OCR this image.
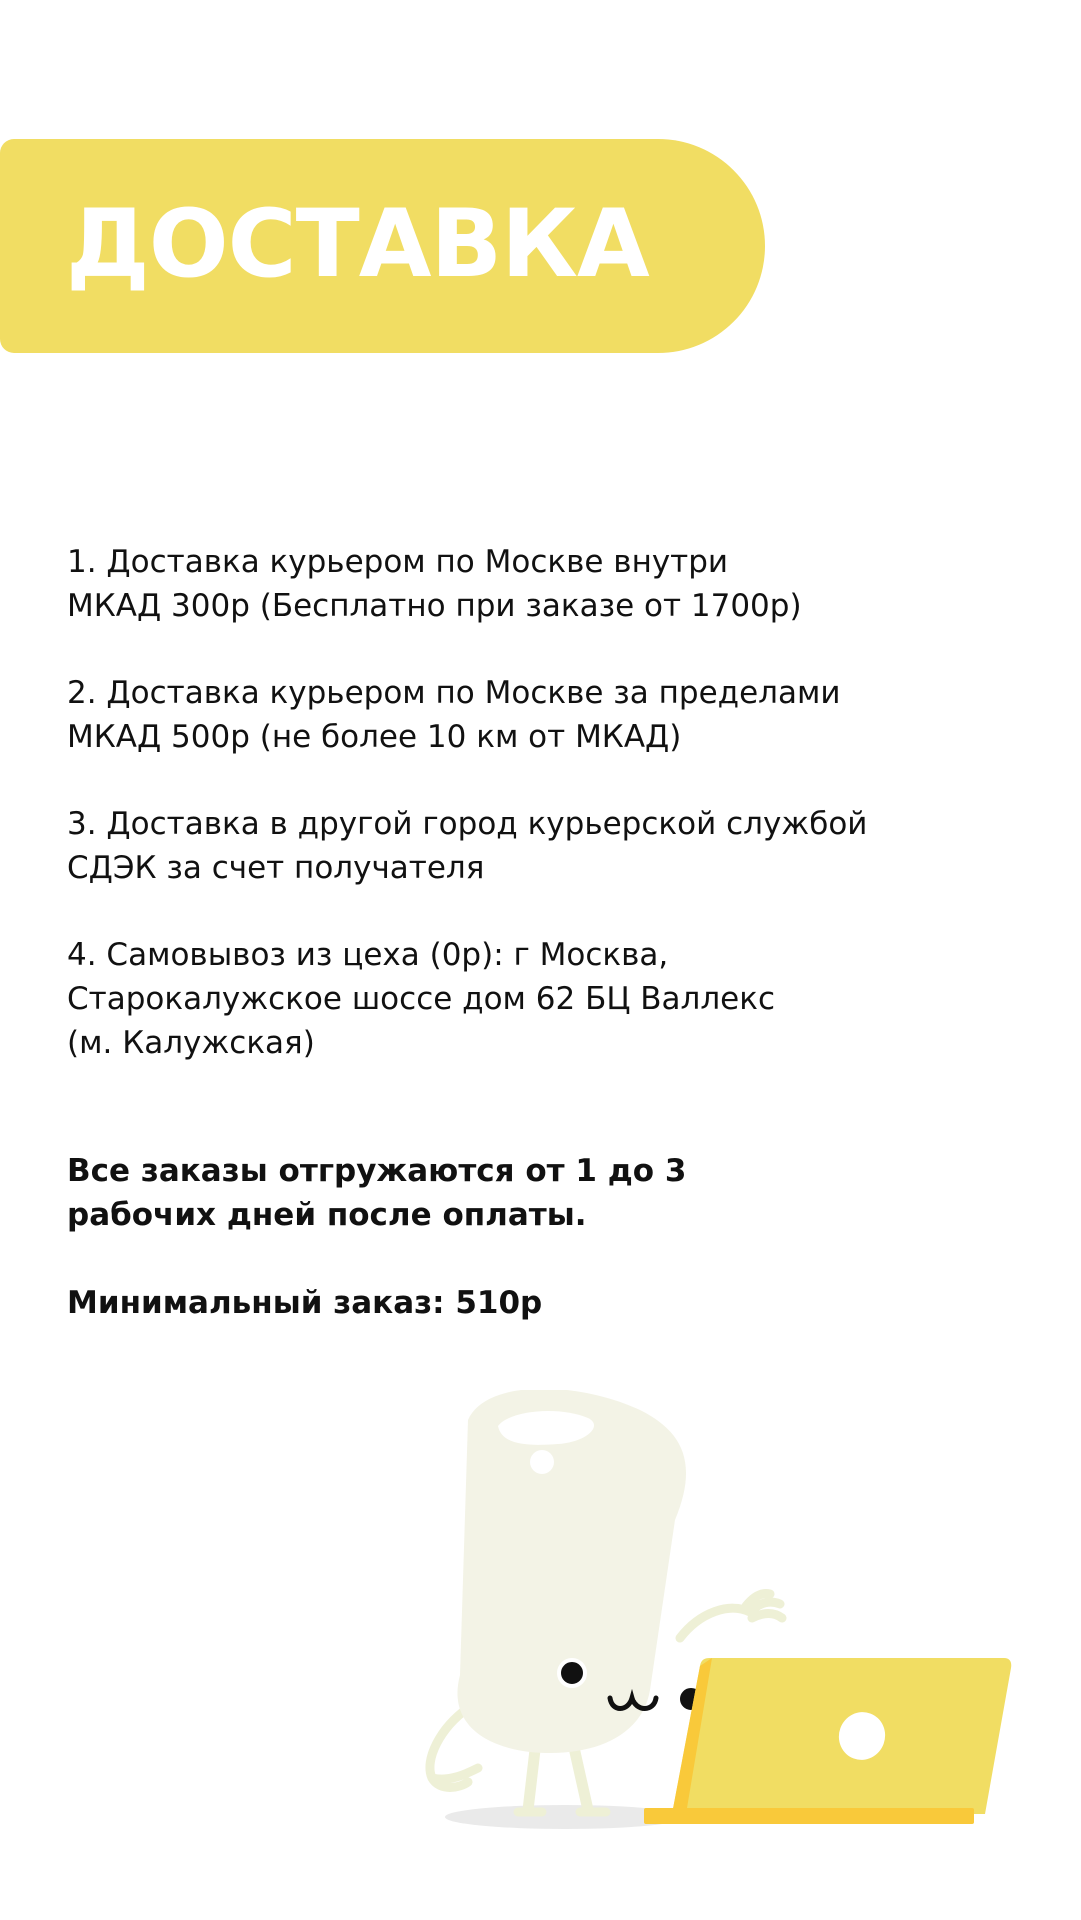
ДОСТАВКА
1. Доставка курьером по Москве внутри
МКАД 300р (Бесплатно при заказе от 1700р)
2. Доставка курьером по Москве за пределами
МКАД 500р (не более 10 км от МКАД)
3. Доставка в другой город курьерской службой
СДЭК за счет получателя
4. Самовывоз из цеха (0р): г Москва,
Старокалужское шоссе дом 62 БЦ Валлекс
(м. Калужская)
Все заказы отгружаются от 1 до 3
рабочих дней после оплаты.
Минимальный заказ: 510р
